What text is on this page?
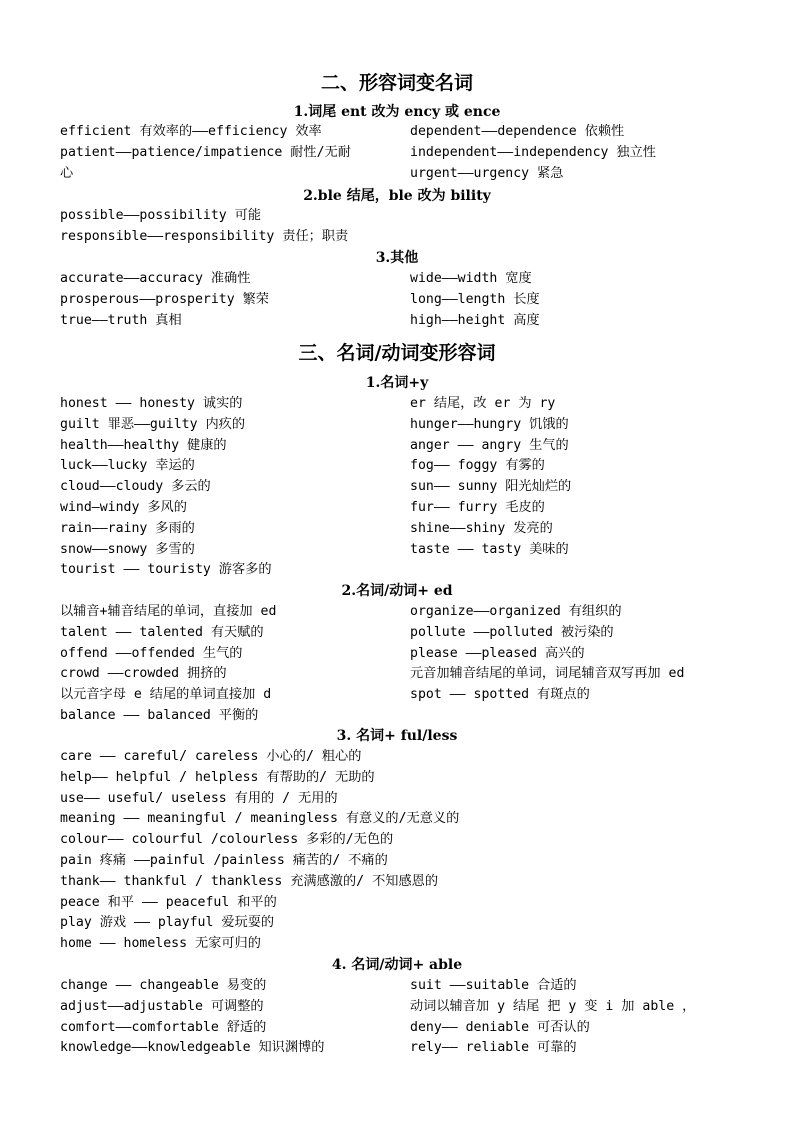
二、形容词变名词
1.词尾 ent 改为 ency 或 ence
efficient 有效率的——efficiency 效率
patient——patience/impatience 耐性/无耐
心
dependent——dependence 依赖性
independent——independency 独立性
urgent——urgency 紧急
2.ble 结尾，ble 改为 bility
possible——possibility 可能
responsible——responsibility 责任；职责
3.其他
accurate——accuracy 准确性
prosperous——prosperity 繁荣
true——truth 真相
wide——width 宽度
long——length 长度
high——height 高度
三、名词/动词变形容词
1.名词+y
honest —— honesty 诚实的
guilt 罪恶——guilty 内疚的
health——healthy 健康的
luck——lucky 幸运的
cloud——cloudy 多云的
wind—windy 多风的
rain——rainy 多雨的
snow——snowy 多雪的
tourist —— touristy 游客多的
er 结尾，改 er 为 ry
hunger——hungry 饥饿的
anger —— angry 生气的
fog—— foggy 有雾的
sun—— sunny 阳光灿烂的
fur—— furry 毛皮的
shine——shiny 发亮的
taste —— tasty 美味的
2.名词/动词+ ed
以辅音+辅音结尾的单词，直接加 ed
talent —— talented 有天赋的
offend ——offended 生气的
crowd ——crowded 拥挤的
以元音字母 e 结尾的单词直接加 d
balance —— balanced 平衡的
organize——organized 有组织的
pollute ——polluted 被污染的
please ——pleased 高兴的
元音加辅音结尾的单词，词尾辅音双写再加 ed
spot —— spotted 有斑点的
3. 名词+ ful/less
care —— careful/ careless 小心的/ 粗心的
help—— helpful / helpless 有帮助的/ 无助的
use—— useful/ useless 有用的 / 无用的
meaning —— meaningful / meaningless 有意义的/无意义的
colour—— colourful /colourless 多彩的/无色的
pain 疼痛 ——painful /painless 痛苦的/ 不痛的
thank—— thankful / thankless 充满感激的/ 不知感恩的
peace 和平 —— peaceful 和平的
play 游戏 —— playful 爱玩耍的
home —— homeless 无家可归的
4. 名词/动词+ able
change —— changeable 易变的
adjust——adjustable 可调整的
comfort——comfortable 舒适的
knowledge——knowledgeable 知识渊博的
suit ——suitable 合适的
动词以辅音加 y 结尾 把 y 变 i 加 able ，
deny—— deniable 可否认的
rely—— reliable 可靠的
